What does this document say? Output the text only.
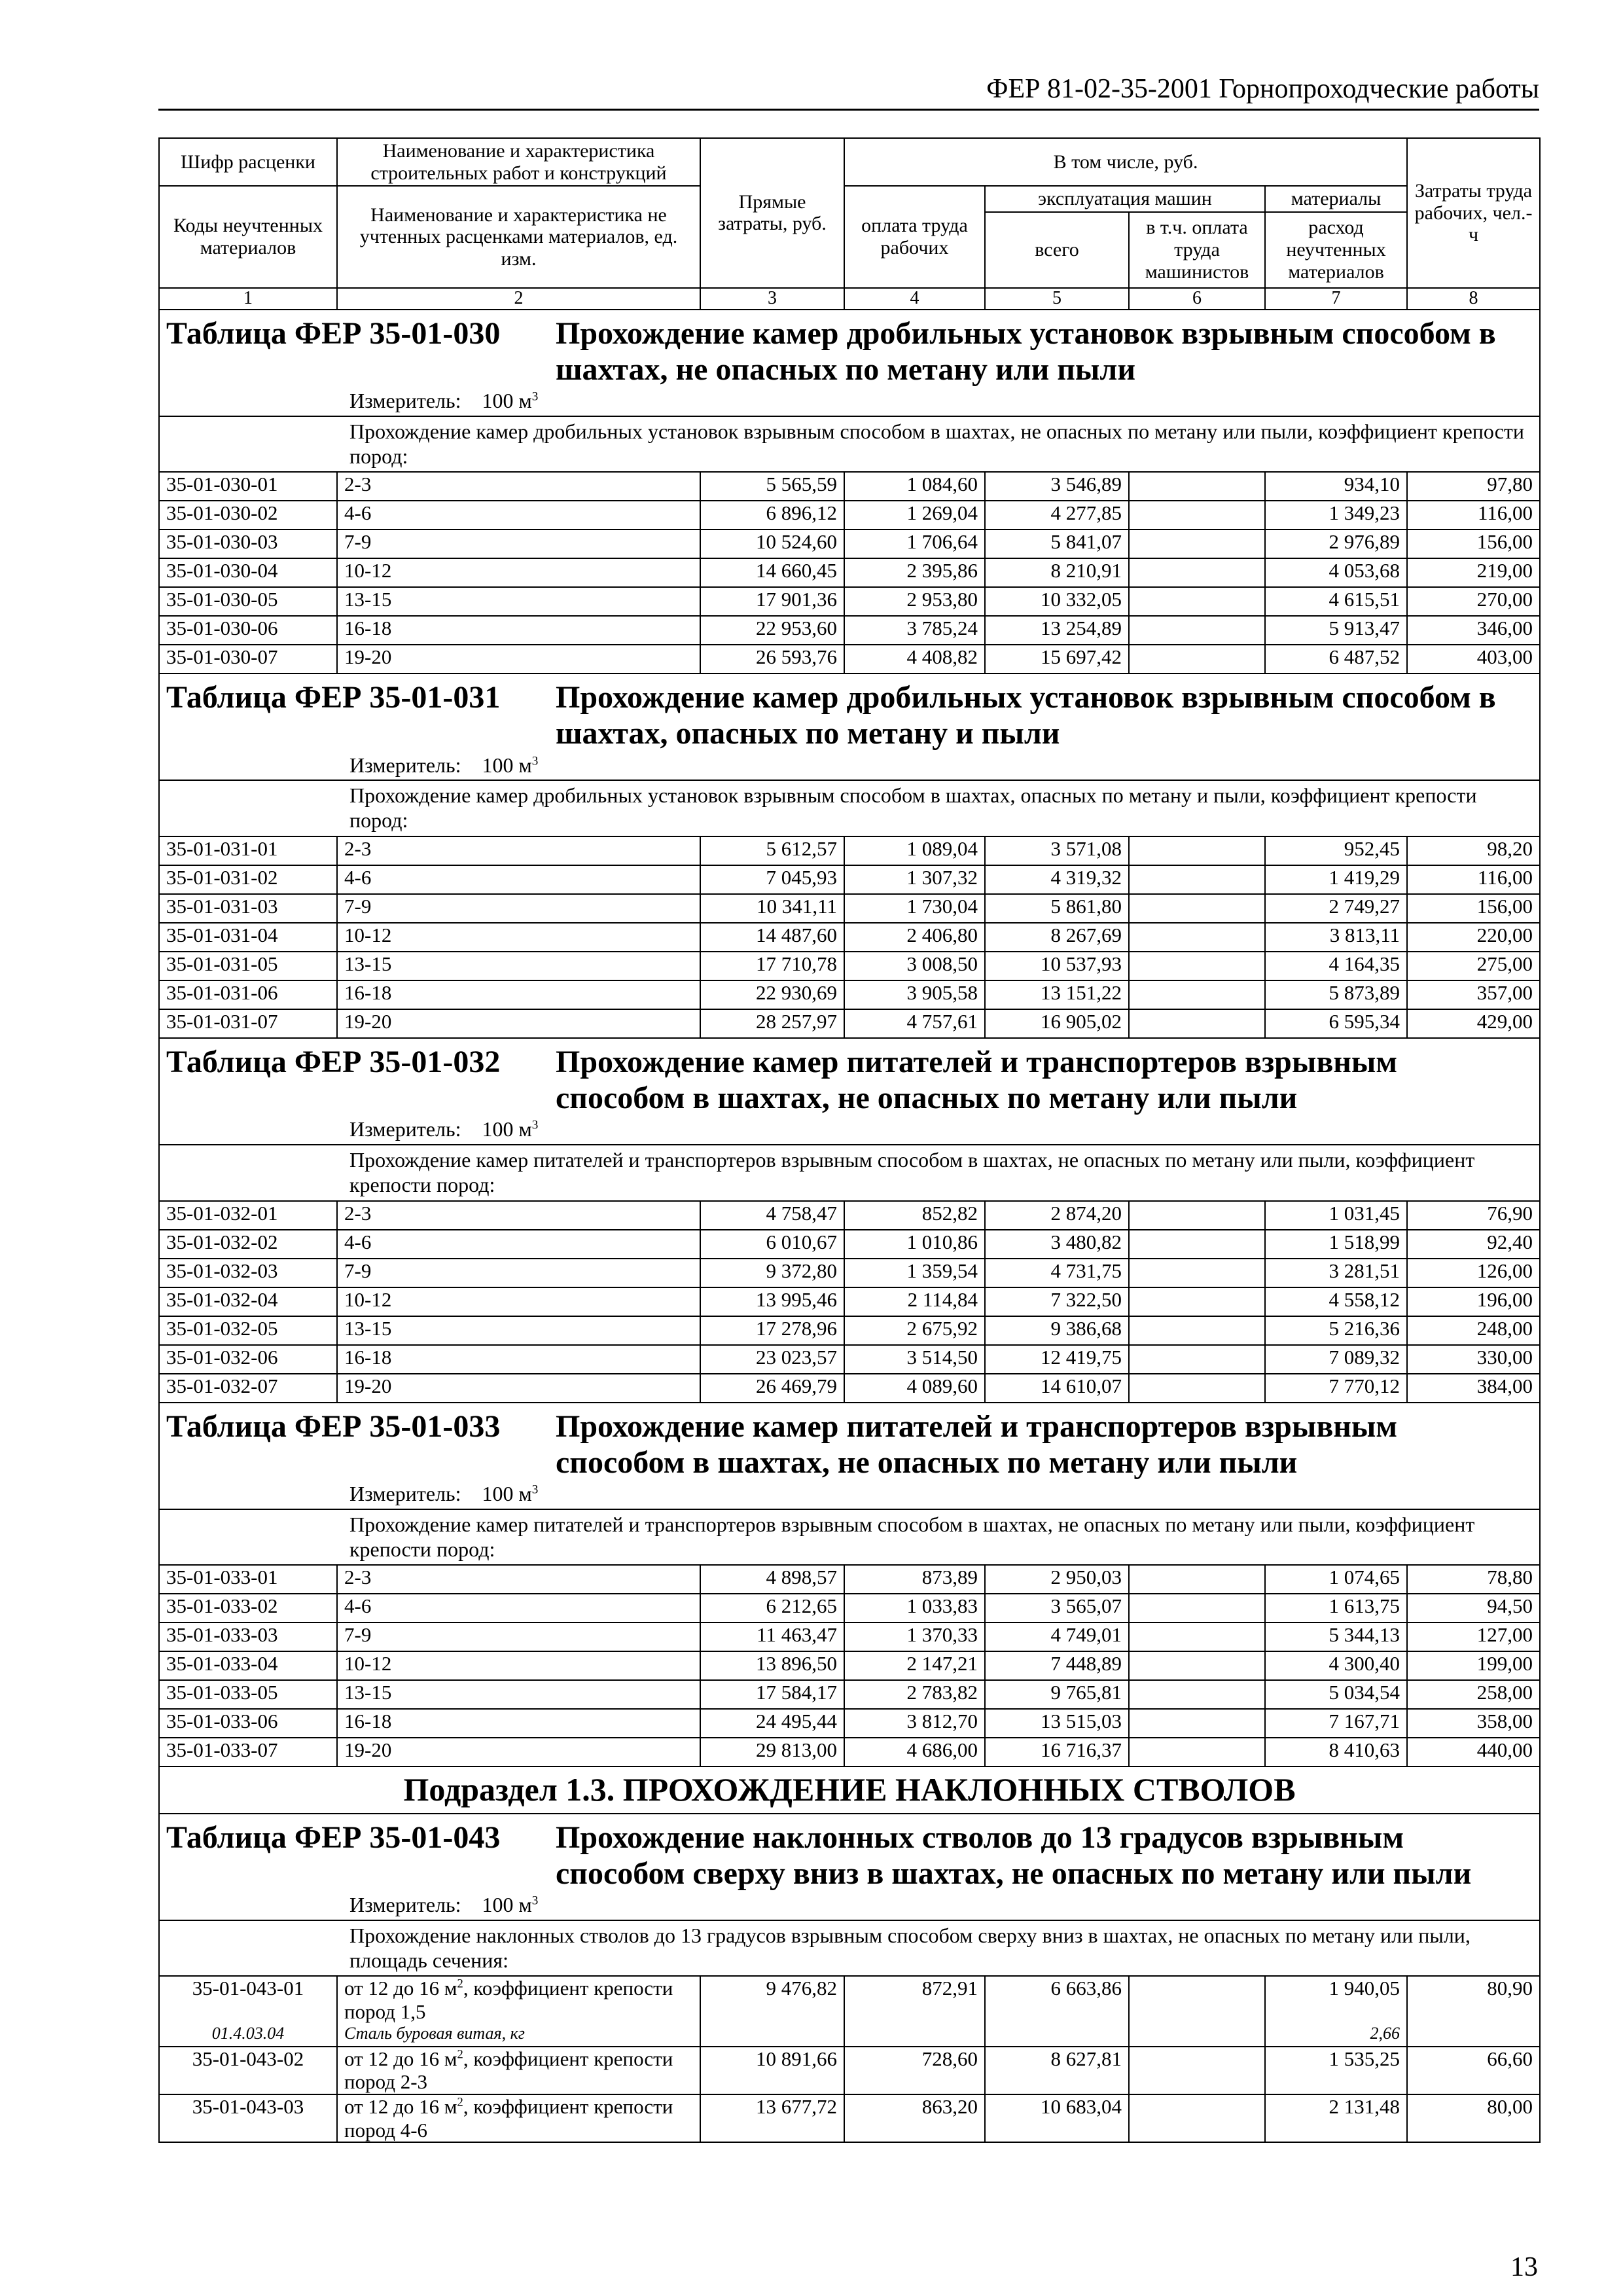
ФЕР 81-02-35-2001 Горнопроходческие работы
Шифр расценки	Наименование и характеристика строительных работ и конструкций	Прямые затраты, руб.	В том числе, руб.				Затраты труда рабочих, чел.-ч
Коды неучтенных материалов	Наименование и характеристика не учтенных расценками материалов, ед. изм.		оплата труда рабочих	эксплуатация машин		материалы	
				всего	в т.ч. оплата труда машинистов	расход неучтенных материалов	
1	2	3	4	5	6	7	8
Таблица ФЕР 35-01-030 Прохождение камер дробильных установок взрывным способом в шахтах, не опасных по метану или пыли							
Измеритель: 100 $м^3$
Прохождение камер дробильных установок взрывным способом в шахтах, не опасных по метану или пыли, коэффициент крепости пород:							
35-01-030-01	2-3	5 565,59	1 084,60	3 546,89		934,10	97,80
35-01-030-02	4-6	6 896,12	1 269,04	4 277,85		1 349,23	116,00
35-01-030-03	7-9	10 524,60	1 706,64	5 841,07		2 976,89	156,00
35-01-030-04	10-12	14 660,45	2 395,86	8 210,91		4 053,68	219,00
35-01-030-05	13-15	17 901,36	2 953,80	10 332,05		4 615,51	270,00
35-01-030-06	16-18	22 953,60	3 785,24	13 254,89		5 913,47	346,00
35-01-030-07	19-20	26 593,76	4 408,82	15 697,42		6 487,52	403,00
Таблица ФЕР 35-01-031 Прохождение камер дробильных установок взрывным способом в шахтах, опасных по метану и пыли							
Измеритель: 100 $м^3$
Прохождение камер дробильных установок взрывным способом в шахтах, опасных по метану и пыли, коэффициент крепости пород:							
35-01-031-01	2-3	5 612,57	1 089,04	3 571,08		952,45	98,20
35-01-031-02	4-6	7 045,93	1 307,32	4 319,32		1 419,29	116,00
35-01-031-03	7-9	10 341,11	1 730,04	5 861,80		2 749,27	156,00
35-01-031-04	10-12	14 487,60	2 406,80	8 267,69		3 813,11	220,00
35-01-031-05	13-15	17 710,78	3 008,50	10 537,93		4 164,35	275,00
35-01-031-06	16-18	22 930,69	3 905,58	13 151,22		5 873,89	357,00
35-01-031-07	19-20	28 257,97	4 757,61	16 905,02		6 595,34	429,00
Таблица ФЕР 35-01-032 Прохождение камер питателей и транспортеров взрывным способом в шахтах, не опасных по метану или пыли							
Измеритель: 100 $м^3$
Прохождение камер питателей и транспортеров взрывным способом в шахтах, не опасных по метану или пыли, коэффициент крепости пород:							
35-01-032-01	2-3	4 758,47	852,82	2 874,20		1 031,45	76,90
35-01-032-02	4-6	6 010,67	1 010,86	3 480,82		1 518,99	92,40
35-01-032-03	7-9	9 372,80	1 359,54	4 731,75		3 281,51	126,00
35-01-032-04	10-12	13 995,46	2 114,84	7 322,50		4 558,12	196,00
35-01-032-05	13-15	17 278,96	2 675,92	9 386,68		5 216,36	248,00
35-01-032-06	16-18	23 023,57	3 514,50	12 419,75		7 089,32	330,00
35-01-032-07	19-20	26 469,79	4 089,60	14 610,07		7 770,12	384,00
Таблица ФЕР 35-01-033 Прохождение камер питателей и транспортеров взрывным способом в шахтах, не опасных по метану или пыли							
Измеритель: 100 $м^3$
Прохождение камер питателей и транспортеров взрывным способом в шахтах, не опасных по метану или пыли, коэффициент крепости пород:							
35-01-033-01	2-3	4 898,57	873,89	2 950,03		1 074,65	78,80
35-01-033-02	4-6	6 212,65	1 033,83	3 565,07		1 613,75	94,50
35-01-033-03	7-9	11 463,47	1 370,33	4 749,01		5 344,13	127,00
35-01-033-04	10-12	13 896,50	2 147,21	7 448,89		4 300,40	199,00
35-01-033-05	13-15	17 584,17	2 783,82	9 765,81		5 034,54	258,00
35-01-033-06	16-18	24 495,44	3 812,70	13 515,03		7 167,71	358,00
35-01-033-07	19-20	29 813,00	4 686,00	16 716,37		8 410,63	440,00
Подраздел 1.3. ПРОХОЖДЕНИЕ НАКЛОННЫХ СТВОЛОВ							
Таблица ФЕР 35-01-043 Прохождение наклонных стволов до 13 градусов взрывным способом сверху вниз в шахтах, не опасных по метану или пыли							
Измеритель: 100 $м^3$
Прохождение наклонных стволов до 13 градусов взрывным способом сверху вниз в шахтах, не опасных по метану или пыли, площадь сечения:							
35-01-043-01	от 12 до 16 $м^2$, коэффициент крепости пород 1,5	9 476,82	872,91	6 663,86		1 940,05	80,90
01.4.03.04	Сталь буровая витая, кг					2,66	
35-01-043-02	от 12 до 16 $м^2$, коэффициент крепости пород 2-3	10 891,66	728,60	8 627,81		1 535,25	66,60
35-01-043-03	от 12 до 16 $м^2$, коэффициент крепости пород 4-6	13 677,72	863,20	10 683,04		2 131,48	80,00
13
